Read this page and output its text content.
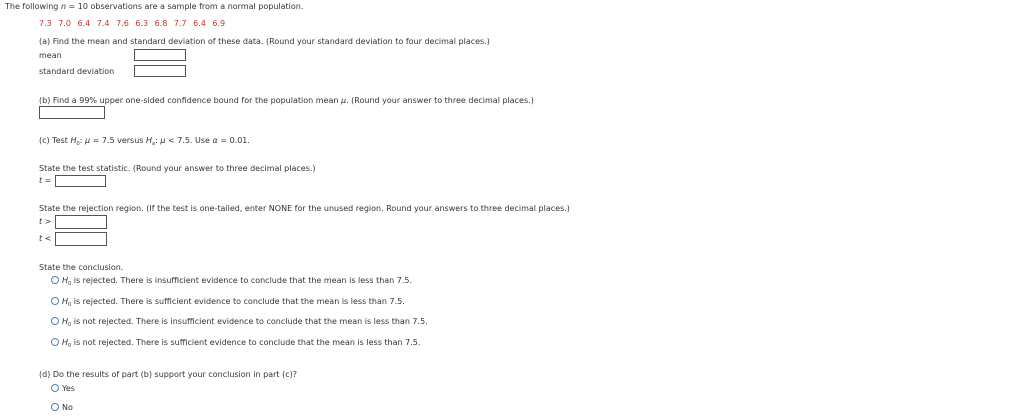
The following n = 10 observations are a sample from a normal population.
7.3 7.0 6.4 7.4 7.6 6.3 6.8 7.7 6.4 6.9
(a) Find the mean and standard deviation of these data. (Round your standard deviation to four decimal places.)
mean
standard deviation
(b) Find a 99% upper one-sided confidence bound for the population mean μ. (Round your answer to three decimal places.)
(c) Test $H_0$: μ = 7.5 versus $H_a$: μ < 7.5. Use α = 0.01.
State the test statistic. (Round your answer to three decimal places.)
t =
State the rejection region. (If the test is one-tailed, enter NONE for the unused region. Round your answers to three decimal places.)
t >
t <
State the conclusion.
$H_0$ is rejected. There is insufficient evidence to conclude that the mean is less than 7.5.
$H_0$ is rejected. There is sufficient evidence to conclude that the mean is less than 7.5.
$H_0$ is not rejected. There is insufficient evidence to conclude that the mean is less than 7.5.
$H_0$ is not rejected. There is sufficient evidence to conclude that the mean is less than 7.5.
(d) Do the results of part (b) support your conclusion in part (c)?
Yes
No
